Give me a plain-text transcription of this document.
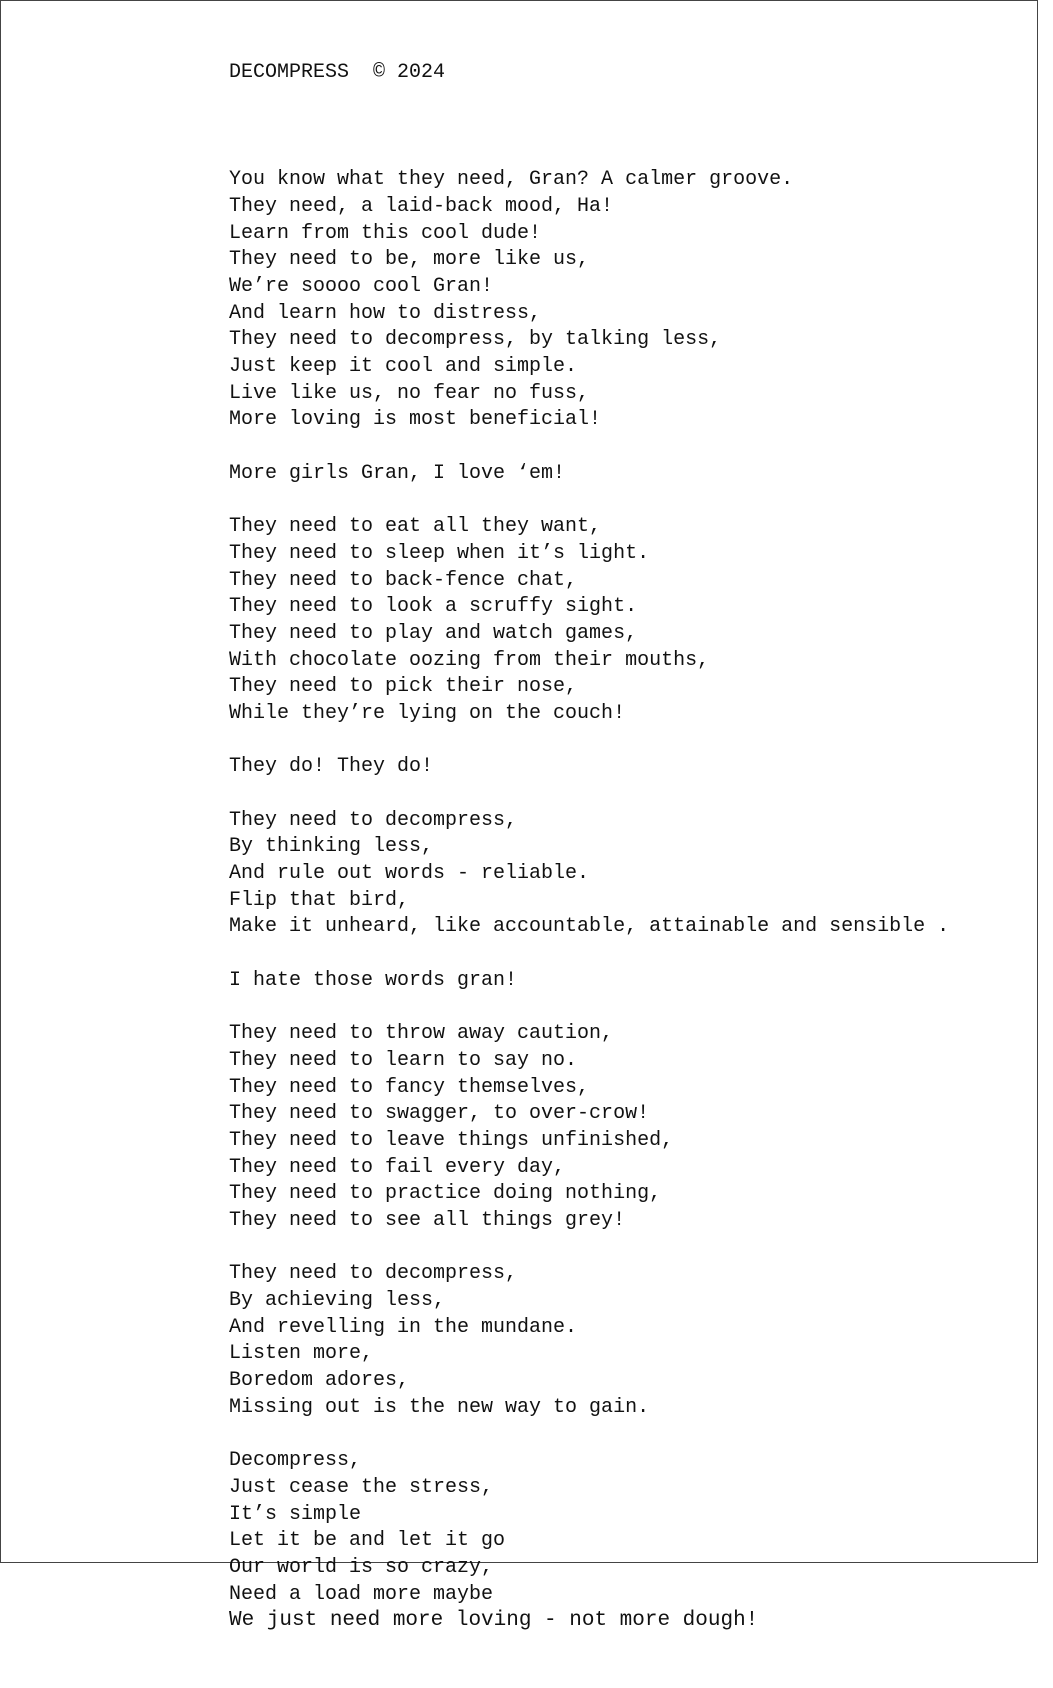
DECOMPRESS © 2024

You know what they need, Gran? A calmer groove.
They need, a laid-back mood, Ha!
Learn from this cool dude!
They need to be, more like us,
We’re soooo cool Gran!
And learn how to distress,
They need to decompress, by talking less,
Just keep it cool and simple.
Live like us, no fear no fuss,
More loving is most beneficial!
More girls Gran, I love ‘em!
They need to eat all they want,
They need to sleep when it’s light.
They need to back-fence chat,
They need to look a scruffy sight.
They need to play and watch games,
With chocolate oozing from their mouths,
They need to pick their nose,
While they’re lying on the couch!
They do! They do!
They need to decompress,
By thinking less,
And rule out words - reliable.
Flip that bird,
Make it unheard, like accountable, attainable and sensible .
I hate those words gran!
They need to throw away caution,
They need to learn to say no.
They need to fancy themselves,
They need to swagger, to over-crow!
They need to leave things unfinished,
They need to fail every day,
They need to practice doing nothing,
They need to see all things grey!
They need to decompress,
By achieving less,
And revelling in the mundane.
Listen more,
Boredom adores,
Missing out is the new way to gain.
Decompress,
Just cease the stress,
It’s simple
Let it be and let it go
Our world is so crazy,
Need a load more maybe
We just need more loving - not more dough!
